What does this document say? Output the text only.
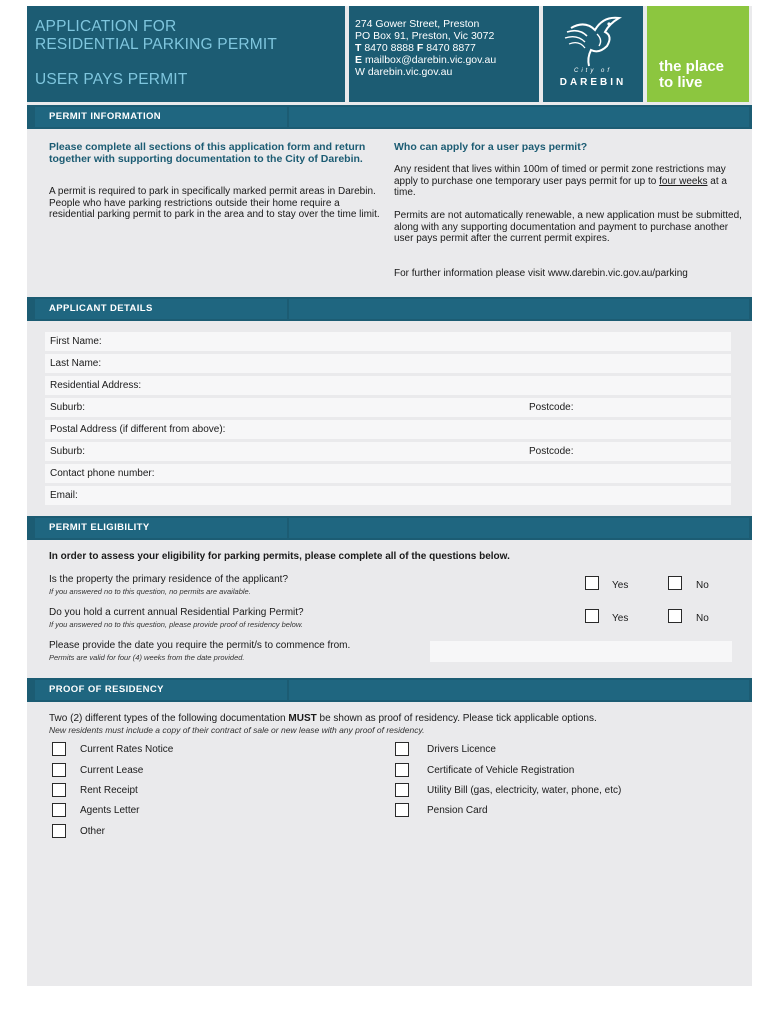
APPLICATION FOR
RESIDENTIAL PARKING PERMIT
USER PAYS PERMIT
274 Gower Street, Preston
PO Box 91, Preston, Vic 3072
T 8470 8888 F 8470 8877
E mailbox@darebin.vic.gov.au
W darebin.vic.gov.au	City of
DAREBIN
the place
to live
PERMIT INFORMATION
Please complete all sections of this application form and return together with supporting documentation to the City of Darebin.
A permit is required to park in specifically marked permit areas in Darebin. People who have parking restrictions outside their home require a residential parking permit to park in the area and to stay over the time limit.
Who can apply for a user pays permit?
Any resident that lives within 100m of timed or permit zone restrictions may apply to purchase one temporary user pays permit for up to four weeks at a time.
Permits are not automatically renewable, a new application must be submitted, along with any supporting documentation and payment to purchase another user pays permit after the current permit expires.
For further information please visit www.darebin.vic.gov.au/parking
APPLICANT DETAILS
First Name:
Last Name:
Residential Address:
Suburb:	Postcode:
Postal Address (if different from above):
Suburb:	Postcode:
Contact phone number:
Email:
PERMIT ELIGIBILITY
In order to assess your eligibility for parking permits, please complete all of the questions below.
Is the property the primary residence of the applicant?
If you answered no to this question, no permits are available.
Yes	No
Do you hold a current annual Residential Parking Permit?
If you answered no to this question, please provide proof of residency below.
Yes	No
Please provide the date you require the permit/s to commence from.
Permits are valid for four (4) weeks from the date provided.
PROOF OF RESIDENCY
Two (2) different types of the following documentation MUST be shown as proof of residency. Please tick applicable options.
New residents must include a copy of their contract of sale or new lease with any proof of residency.
Current Rates Notice
Current Lease
Rent Receipt
Agents Letter
Other
Drivers Licence
Certificate of Vehicle Registration
Utility Bill (gas, electricity, water, phone, etc)
Pension Card
